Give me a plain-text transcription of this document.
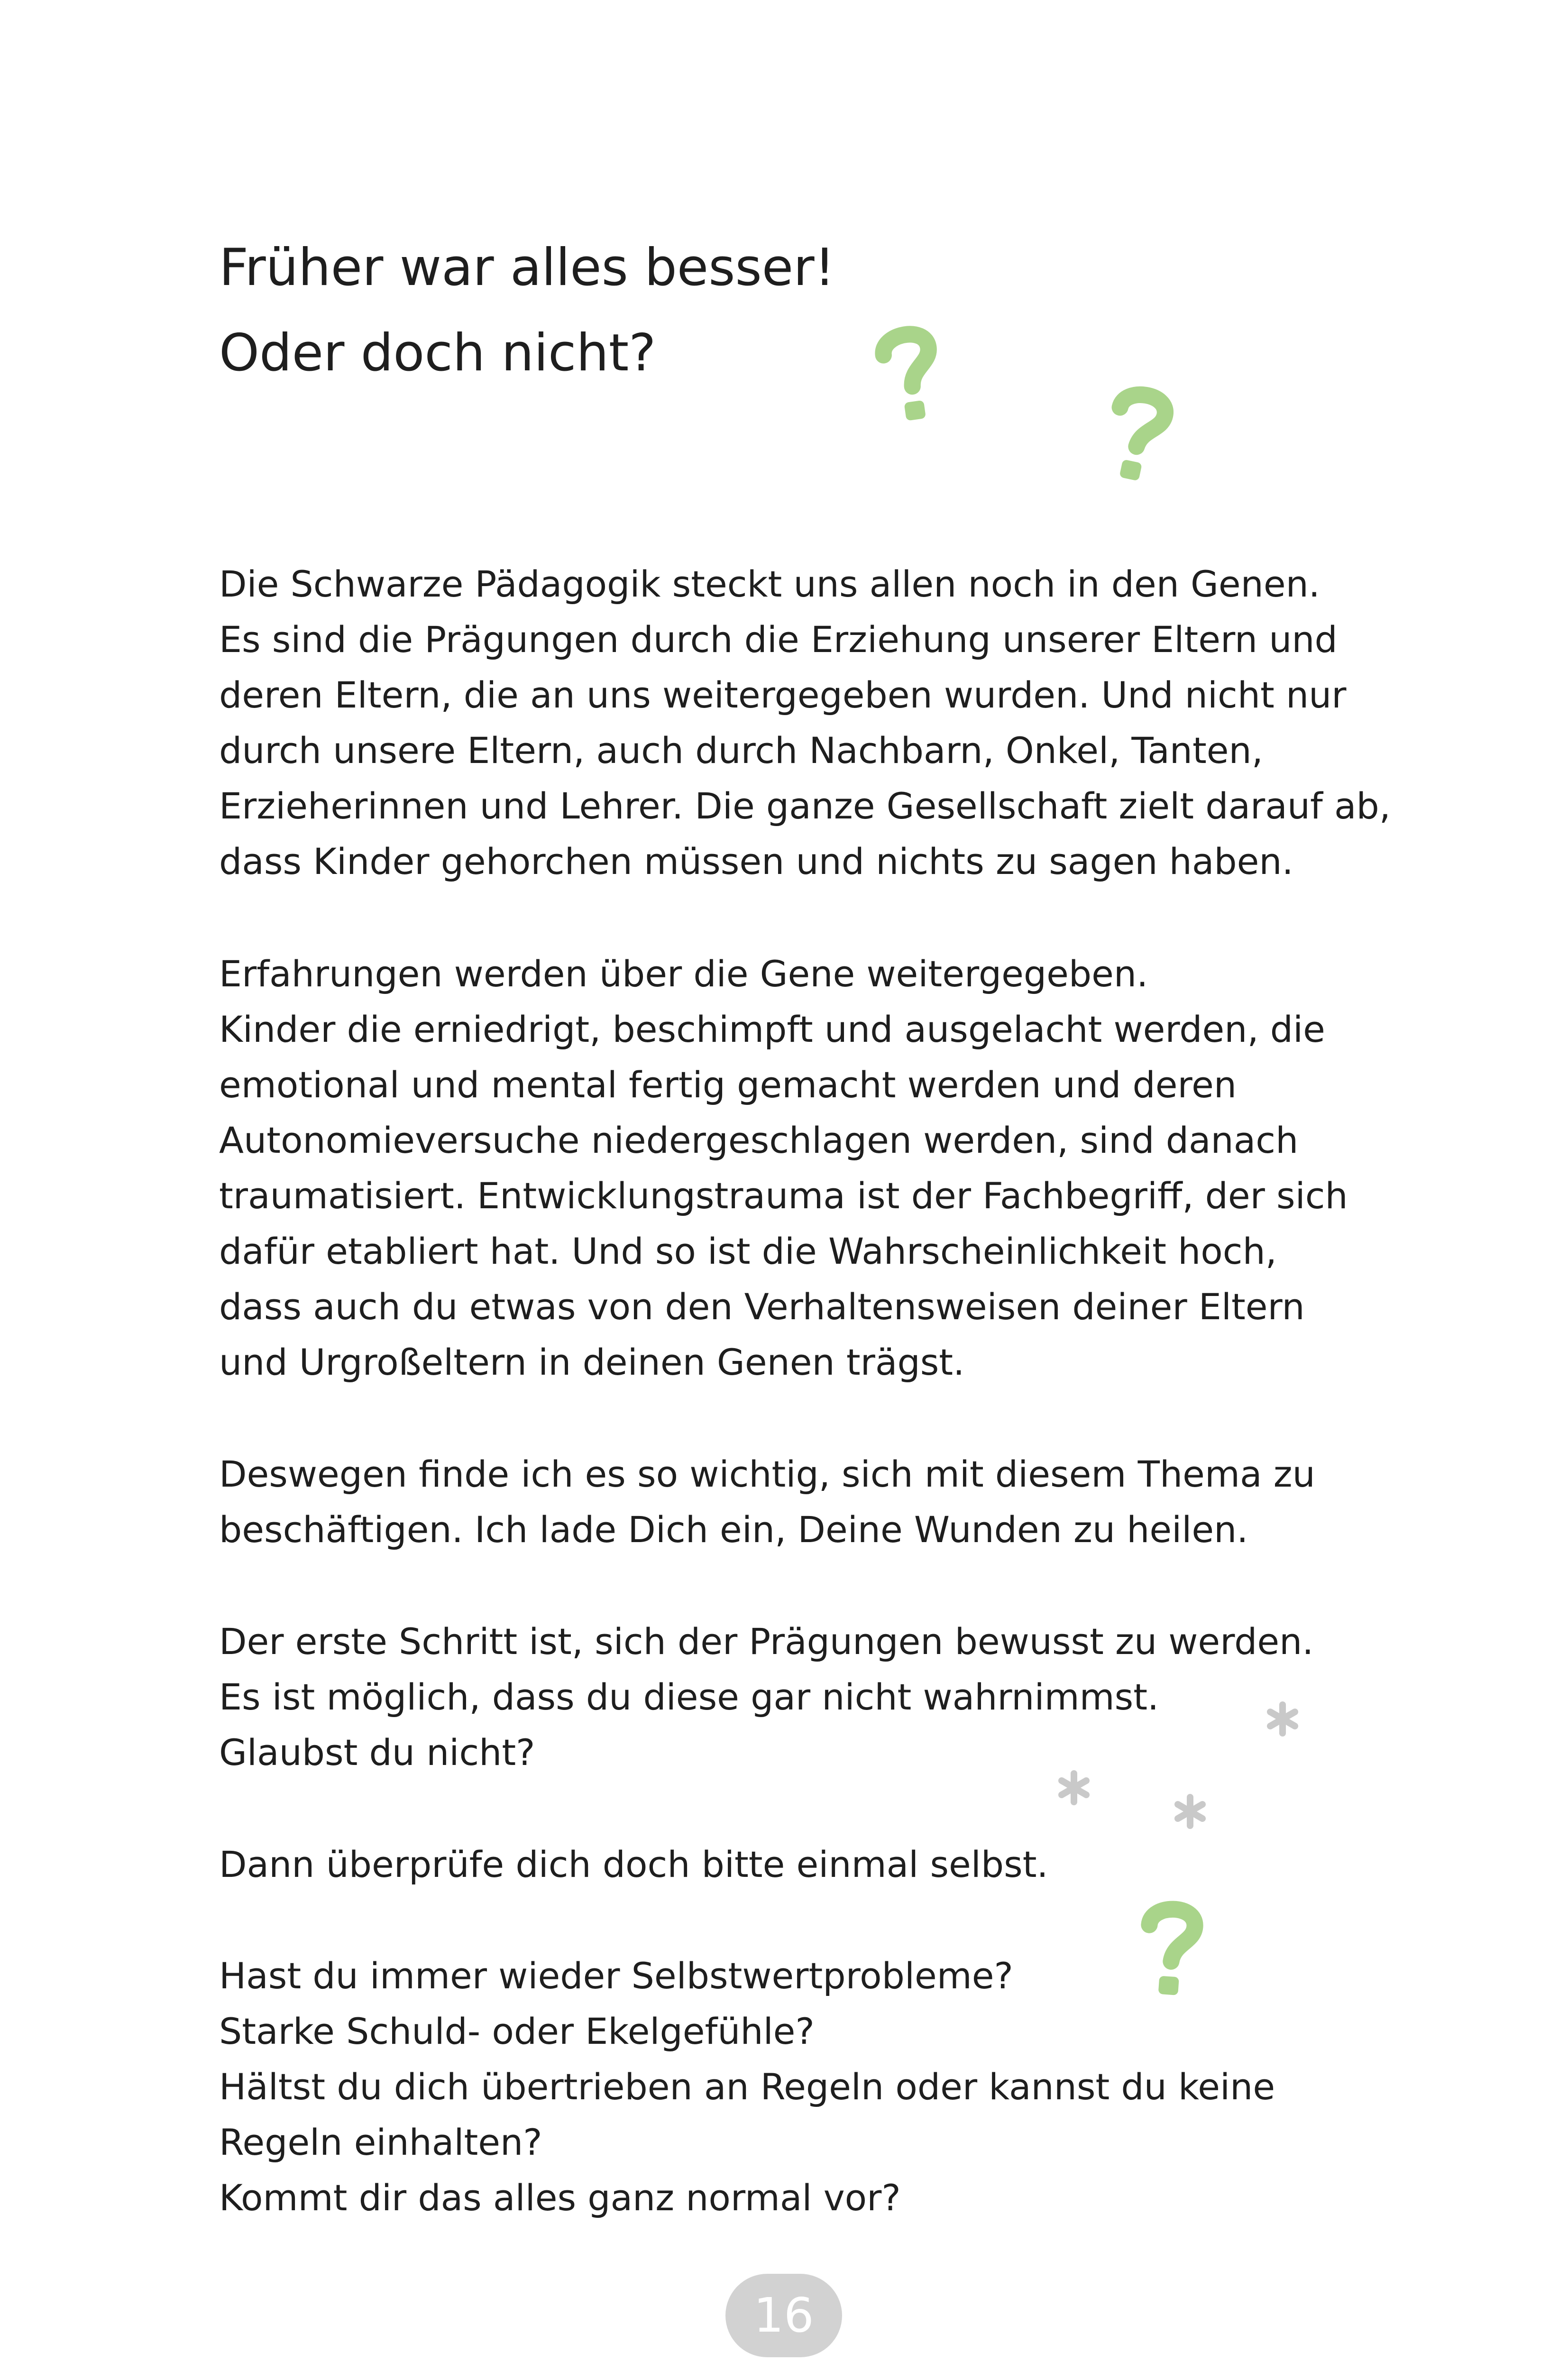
Früher war alles besser!
Oder doch nicht?
Die Schwarze Pädagogik steckt uns allen noch in den Genen.
Es sind die Prägungen durch die Erziehung unserer Eltern und
deren Eltern, die an uns weitergegeben wurden. Und nicht nur
durch unsere Eltern, auch durch Nachbarn, Onkel, Tanten,
Erzieherinnen und Lehrer. Die ganze Gesellschaft zielt darauf ab,
dass Kinder gehorchen müssen und nichts zu sagen haben.
Erfahrungen werden über die Gene weitergegeben.
Kinder die erniedrigt, beschimpft und ausgelacht werden, die
emotional und mental fertig gemacht werden und deren
Autonomieversuche niedergeschlagen werden, sind danach
traumatisiert. Entwicklungstrauma ist der Fachbegriff, der sich
dafür etabliert hat. Und so ist die Wahrscheinlichkeit hoch,
dass auch du etwas von den Verhaltensweisen deiner Eltern
und Urgroßeltern in deinen Genen trägst.
Deswegen finde ich es so wichtig, sich mit diesem Thema zu
beschäftigen. Ich lade Dich ein, Deine Wunden zu heilen.
Der erste Schritt ist, sich der Prägungen bewusst zu werden.
Es ist möglich, dass du diese gar nicht wahrnimmst.
Glaubst du nicht?
Dann überprüfe dich doch bitte einmal selbst.
Hast du immer wieder Selbstwertprobleme?
Starke Schuld- oder Ekelgefühle?
Hältst du dich übertrieben an Regeln oder kannst du keine
Regeln einhalten?
Kommt dir das alles ganz normal vor?
16
